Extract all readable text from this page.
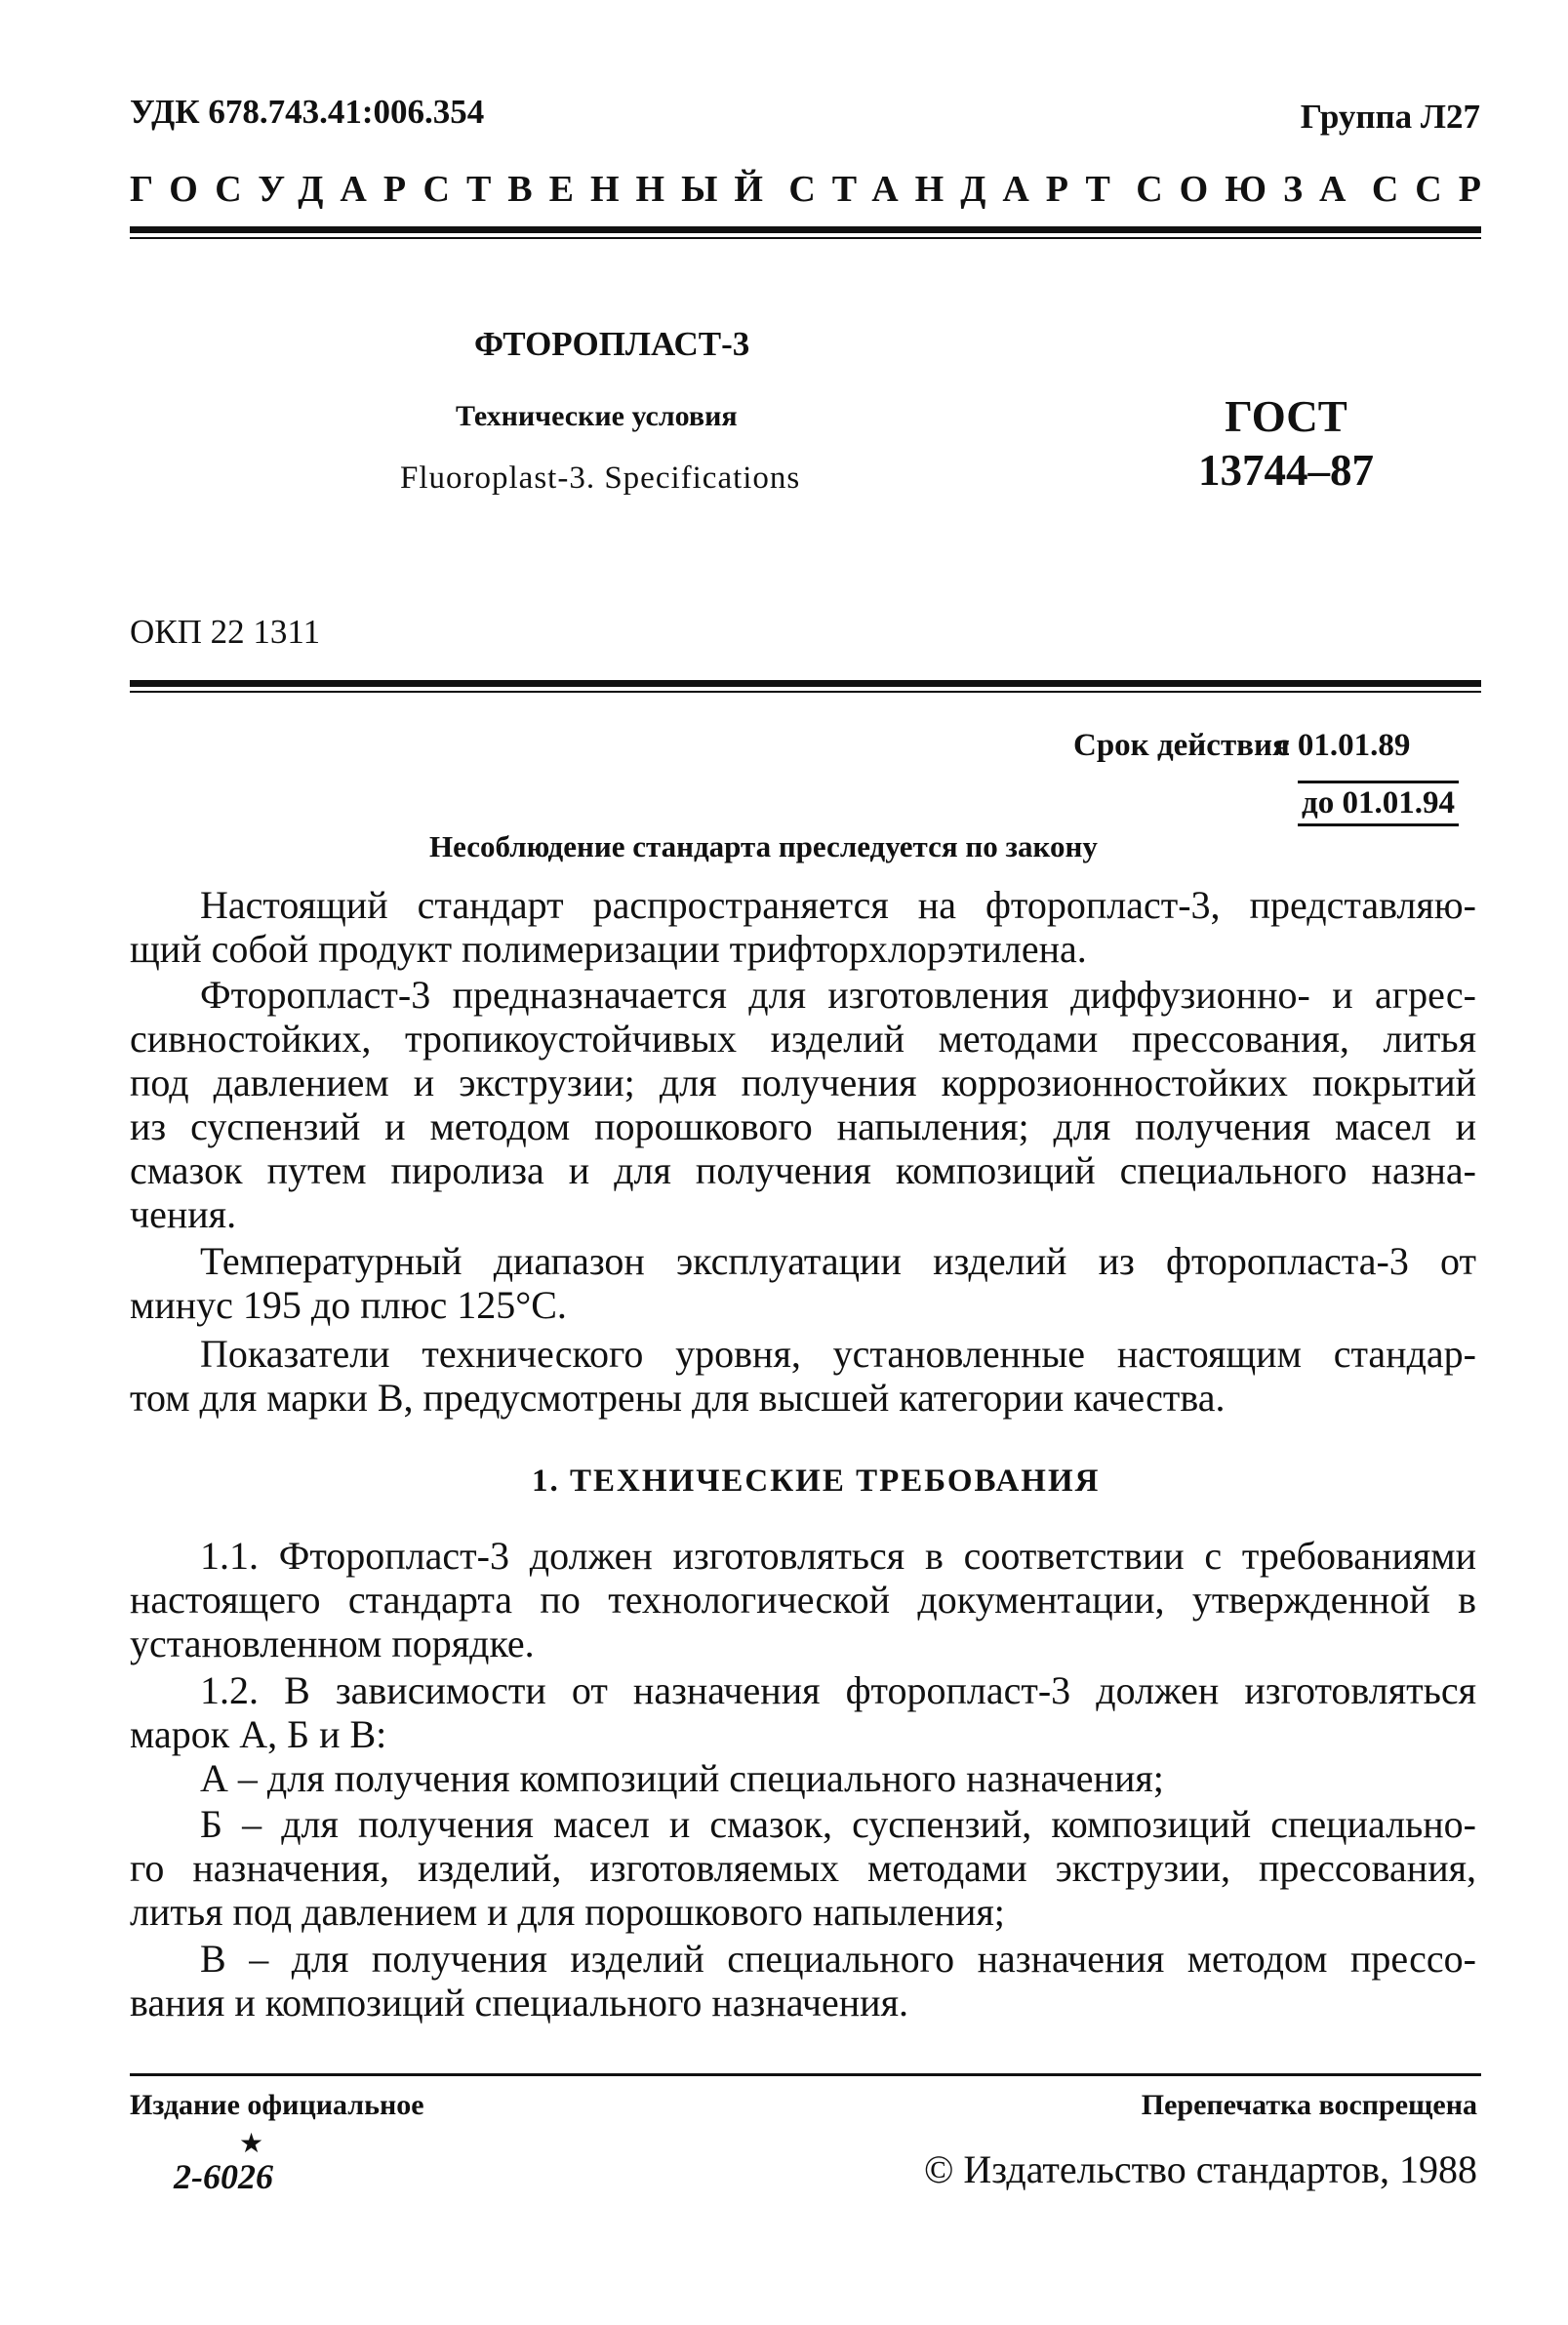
УДК 678.743.41:006.354	Группа Л27
ГОСУДАРСТВЕННЫЙ СТАНДАРТ СОЮЗА ССР
ФТОРОПЛАСТ-3
Технические условия
Fluoroplast-3. Specifications
ГОСТ
13744–87
ОКП 22 1311
Срок действия
с 01.01.89
до 01.01.94
Несоблюдение стандарта преследуется по закону
Настоящий стандарт распространяется на фторопласт-3, представляю-
щий собой продукт полимеризации трифторхлорэтилена.
Фторопласт-3 предназначается для изготовления диффузионно- и агрес-
сивностойких, тропикоустойчивых изделий методами прессования, литья
под давлением и экструзии; для получения коррозионностойких покрытий
из суспензий и методом порошкового напыления; для получения масел и
смазок путем пиролиза и для получения композиций специального назна-
чения.
Температурный диапазон эксплуатации изделий из фторопласта-3 от
минус 195 до плюс 125°С.
Показатели технического уровня, установленные настоящим стандар-
том для марки В, предусмотрены для высшей категории качества.
1. ТЕХНИЧЕСКИЕ ТРЕБОВАНИЯ
1.1. Фторопласт-3 должен изготовляться в соответствии с требованиями
настоящего стандарта по технологической документации, утвержденной в
установленном порядке.
1.2. В зависимости от назначения фторопласт-3 должен изготовляться
марок А, Б и В:
А – для получения композиций специального назначения;
Б – для получения масел и смазок, суспензий, композиций специально-
го назначения, изделий, изготовляемых методами экструзии, прессования,
литья под давлением и для порошкового напыления;
В – для получения изделий специального назначения методом прессо-
вания и композиций специального назначения.
Издание официальное	Перепечатка воспрещена
★
2-6026	© Издательство стандартов, 1988
